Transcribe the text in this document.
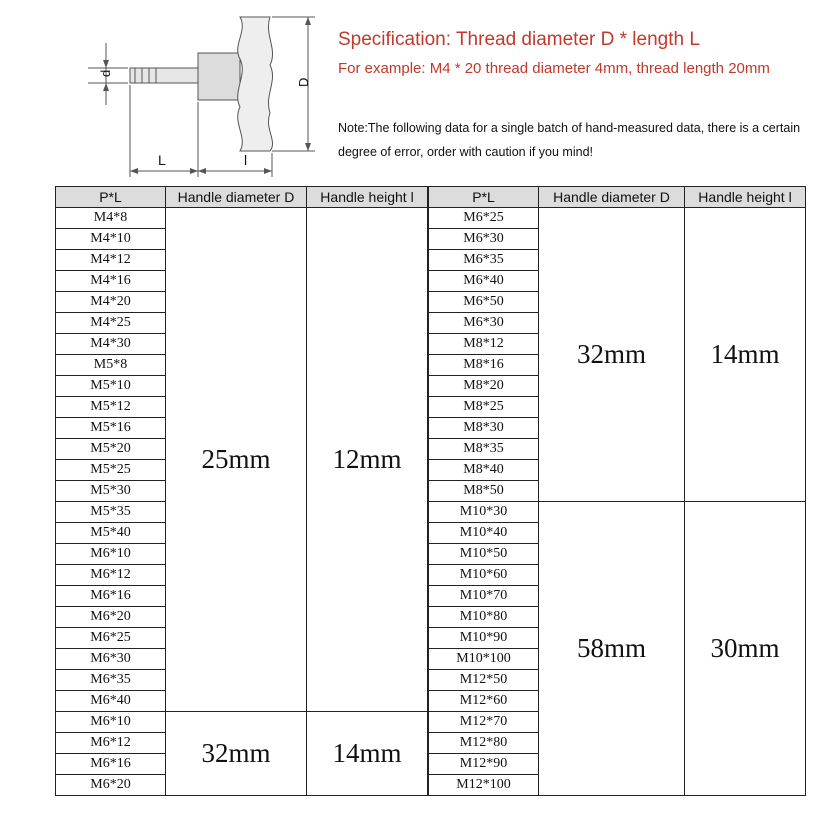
d
D
L	l
Specification: Thread diameter D * length L
For example: M4 * 20 thread diameter 4mm, thread length 20mm
Note:The following data for a single batch of hand-measured data, there is a certain degree of error, order with caution if you mind!
P*L	Handle diameter D	Handle height l
M4*8	25mm	12mm
M4*10		
M4*12		
M4*16		
M4*20		
M4*25		
M4*30		
M5*8		
M5*10		
M5*12		
M5*16		
M5*20		
M5*25		
M5*30		
M5*35		
M5*40		
M6*10		
M6*12		
M6*16		
M6*20		
M6*25		
M6*30		
M6*35		
M6*40		
M6*10	32mm	14mm
M6*12		
M6*16		
M6*20		
P*L	Handle diameter D	Handle height l
M6*25	32mm	14mm
M6*30		
M6*35		
M6*40		
M6*50		
M6*30		
M8*12		
M8*16		
M8*20		
M8*25		
M8*30		
M8*35		
M8*40		
M8*50		
M10*30	58mm	30mm
M10*40		
M10*50		
M10*60		
M10*70		
M10*80		
M10*90		
M10*100		
M12*50		
M12*60		
M12*70		
M12*80		
M12*90		
M12*100		
